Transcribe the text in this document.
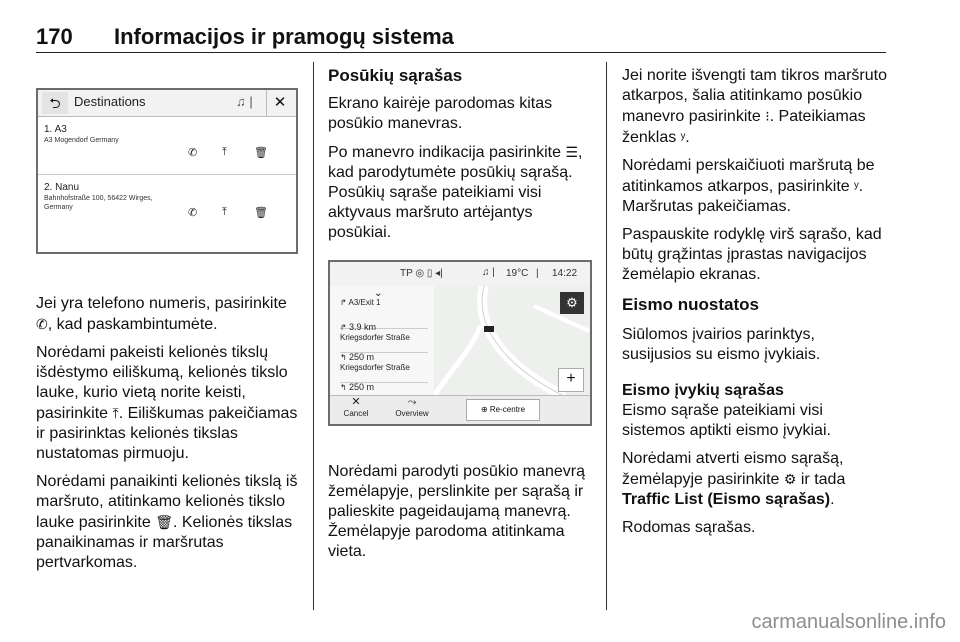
170 Informacijos ir pramogų sistema
⮌	Destinations	♫ |	✕
1. A3
A3 Mogendorf Germany
✆ ⤒ 🗑
2. Nanu
Bahnhofstraße 100, 56422 Wirges,
Germany	✆ ⤒ 🗑

Jei yra telefono numeris, pasirinkite ✆, kad paskambintumėte.

Norėdami pakeisti kelionės tikslų išdėstymo eiliškumą, kelionės tikslo lauke, kurio vietą norite keisti, pasirinkite ⤒. Eiliškumas pakeičiamas ir pasirinktas kelionės tikslas nustatomas pirmuoju.

Norėdami panaikinti kelionės tikslą iš maršruto, atitinkamo kelionės tikslo lauke pasirinkite 🗑. Kelionės tikslas panaikinamas ir maršrutas pertvarkomas.

Posūkių sąrašas

Ekrano kairėje parodomas kitas posūkio manevras.

Po manevro indikacija pasirinkite ☰, kad parodytumėte posūkių sąrašą. Posūkių sąraše pateikiami visi aktyvaus maršruto artėjantys posūkiai.

TP ◎ ▯ ◂|	♫ | 19°C | 14:22
⌄
↱ A3/Exit 1
↱ 3.9 km
Kriegsdorfer Straße
↰ 250 m
Kriegsdorfer Straße
↰ 250 m
⚙
+
✕
Cancel
⤳
Overview	⊕ Re-centre

Norėdami parodyti posūkio manevrą žemėlapyje, perslinkite per sąrašą ir palieskite pageidaujamą manevrą. Žemėlapyje parodoma atitinkama vieta.

Jei norite išvengti tam tikros maršruto atkarpos, šalia atitinkamo posūkio manevro pasirinkite ⁝. Pateikiamas ženklas ʸ.

Norėdami perskaičiuoti maršrutą be atitinkamos atkarpos, pasirinkite ʸ. Maršrutas pakeičiamas.

Paspauskite rodyklę virš sąrašo, kad būtų grąžintas įprastas navigacijos žemėlapio ekranas.

Eismo nuostatos

Siūlomos įvairios parinktys, susijusios su eismo įvykiais.

Eismo įvykių sąrašas

Eismo sąraše pateikiami visi sistemos aptikti eismo įvykiai.

Norėdami atverti eismo sąrašą, žemėlapyje pasirinkite ⚙ ir tada
Traffic List (Eismo sąrašas).

Rodomas sąrašas.

carmanualsonline.info
